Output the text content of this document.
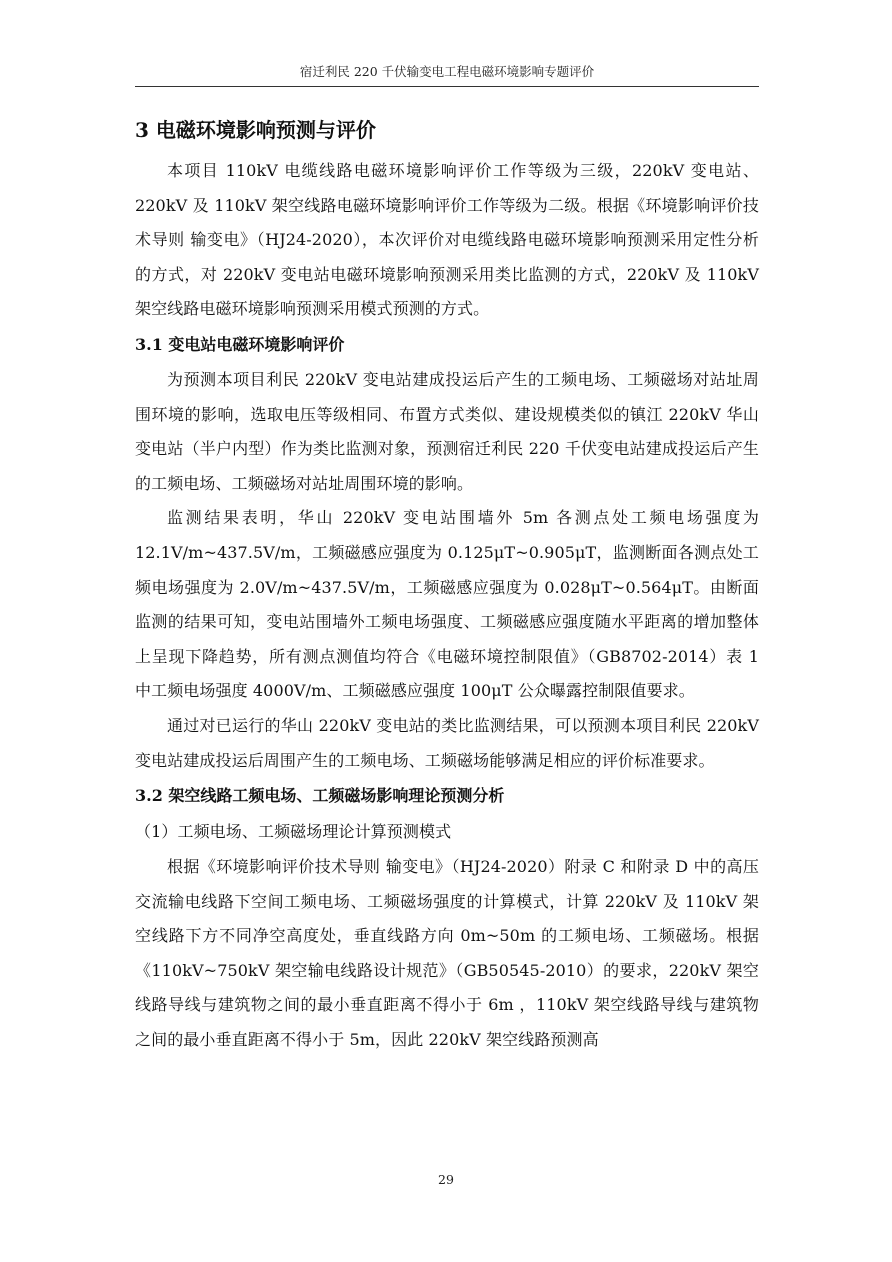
宿迁利民 220 千伏输变电工程电磁环境影响专题评价
3 电磁环境影响预测与评价

本项目 110kV 电缆线路电磁环境影响评价工作等级为三级，220kV 变电站、220kV 及 110kV 架空线路电磁环境影响评价工作等级为二级。根据《环境影响评价技术导则 输变电》（HJ24-2020），本次评价对电缆线路电磁环境影响预测采用定性分析的方式，对 220kV 变电站电磁环境影响预测采用类比监测的方式，220kV 及 110kV 架空线路电磁环境影响预测采用模式预测的方式。

3.1 变电站电磁环境影响评价

为预测本项目利民 220kV 变电站建成投运后产生的工频电场、工频磁场对站址周围环境的影响，选取电压等级相同、布置方式类似、建设规模类似的镇江 220kV 华山变电站（半户内型）作为类比监测对象，预测宿迁利民 220 千伏变电站建成投运后产生的工频电场、工频磁场对站址周围环境的影响。

监测结果表明，华山 220kV 变电站围墙外 5m 各测点处工频电场强度为 12.1V/m~437.5V/m，工频磁感应强度为 0.125μT~0.905μT，监测断面各测点处工频电场强度为 2.0V/m~437.5V/m，工频磁感应强度为 0.028μT~0.564μT。由断面监测的结果可知，变电站围墙外工频电场强度、工频磁感应强度随水平距离的增加整体上呈现下降趋势，所有测点测值均符合《电磁环境控制限值》（GB8702-2014）表 1 中工频电场强度 4000V/m、工频磁感应强度 100μT 公众曝露控制限值要求。

通过对已运行的华山 220kV 变电站的类比监测结果，可以预测本项目利民 220kV 变电站建成投运后周围产生的工频电场、工频磁场能够满足相应的评价标准要求。

3.2 架空线路工频电场、工频磁场影响理论预测分析

（1）工频电场、工频磁场理论计算预测模式

根据《环境影响评价技术导则 输变电》（HJ24-2020）附录 C 和附录 D 中的高压交流输电线路下空间工频电场、工频磁场强度的计算模式，计算 220kV 及 110kV 架空线路下方不同净空高度处，垂直线路方向 0m~50m 的工频电场、工频磁场。根据《110kV~750kV 架空输电线路设计规范》（GB50545-2010）的要求，220kV 架空线路导线与建筑物之间的最小垂直距离不得小于 6m ，110kV 架空线路导线与建筑物之间的最小垂直距离不得小于 5m，因此 220kV 架空线路预测高

29
